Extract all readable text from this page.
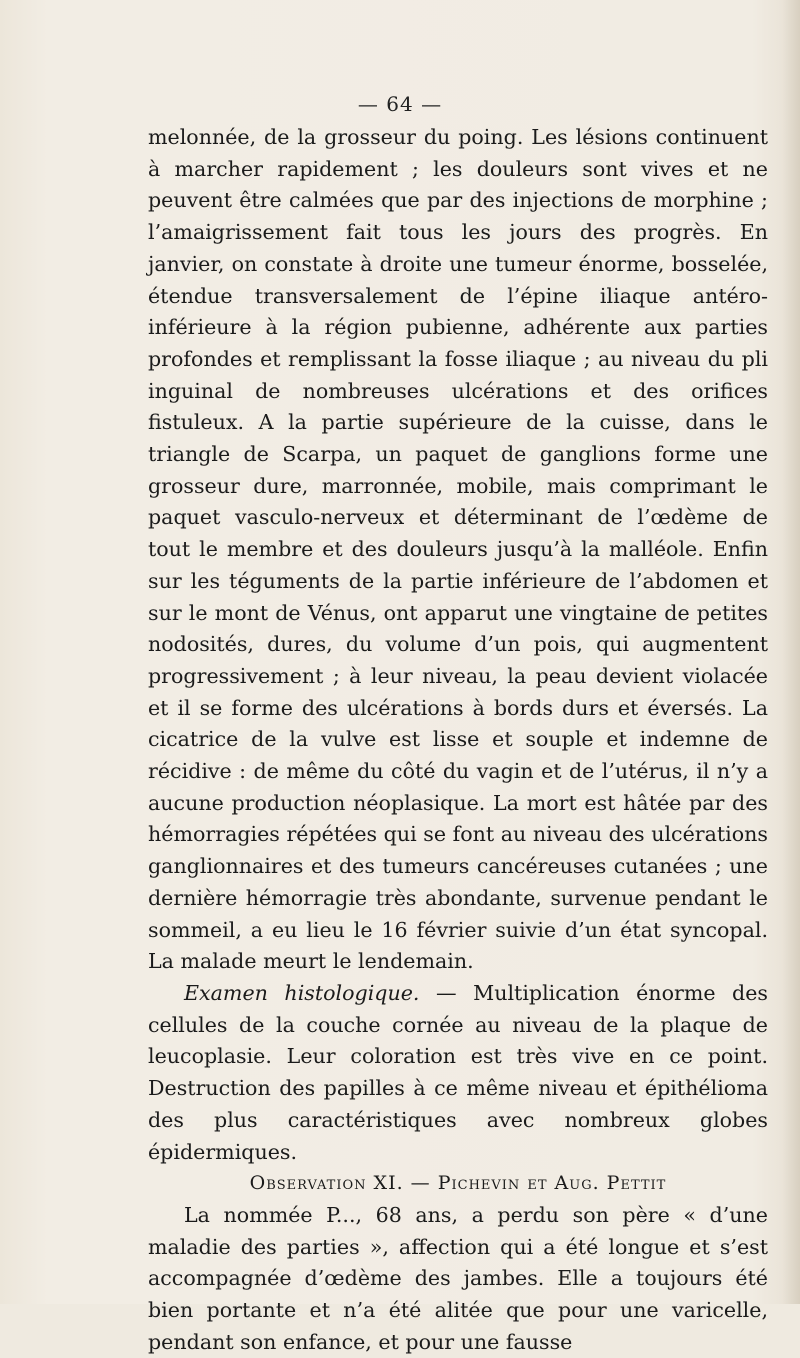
— 64 —

melonnée, de la grosseur du poing. Les lésions continuent à marcher rapidement ; les douleurs sont vives et ne peuvent être calmées que par des injections de morphine ; l’amaigrissement fait tous les jours des progrès. En janvier, on constate à droite une tumeur énorme, bosselée, étendue transversalement de l’épine iliaque antéro-inférieure à la région pubienne, adhérente aux parties profondes et remplissant la fosse iliaque ; au niveau du pli inguinal de nombreuses ulcérations et des orifices fistuleux. A la partie supérieure de la cuisse, dans le triangle de Scarpa, un paquet de ganglions forme une grosseur dure, marronnée, mobile, mais comprimant le paquet vasculo-nerveux et déterminant de l’œdème de tout le membre et des douleurs jusqu’à la malléole. Enfin sur les téguments de la partie inférieure de l’abdomen et sur le mont de Vénus, ont apparut une vingtaine de petites nodosités, dures, du volume d’un pois, qui augmentent progressivement ; à leur niveau, la peau devient violacée et il se forme des ulcérations à bords durs et éversés. La cicatrice de la vulve est lisse et souple et indemne de récidive : de même du côté du vagin et de l’utérus, il n’y a aucune production néoplasique. La mort est hâtée par des hémorragies répétées qui se font au niveau des ulcérations ganglionnaires et des tumeurs cancéreuses cutanées ; une dernière hémorragie très abondante, survenue pendant le sommeil, a eu lieu le 16 février suivie d’un état syncopal. La malade meurt le lendemain.

Examen histologique. — Multiplication énorme des cellules de la couche cornée au niveau de la plaque de leucoplasie. Leur coloration est très vive en ce point. Destruction des papilles à ce même niveau et épithélioma des plus caractéristiques avec nombreux globes épidermiques.

Observation XI. — Pichevin et Aug. Pettit

La nommée P..., 68 ans, a perdu son père « d’une maladie des parties », affection qui a été longue et s’est accompagnée d’œdème des jambes. Elle a toujours été bien portante et n’a été alitée que pour une varicelle, pendant son enfance, et pour une fausse
